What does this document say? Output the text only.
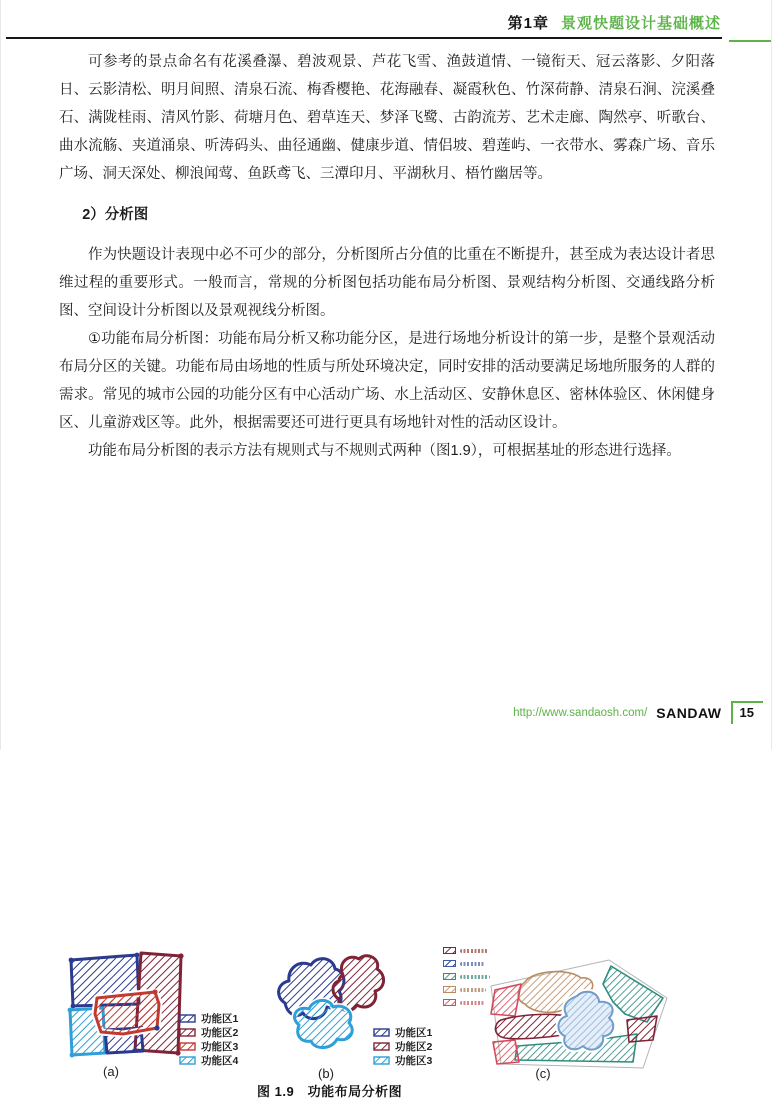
第1章 景观快题设计基础概述

可参考的景点命名有花溪叠瀑、碧波观景、芦花飞雪、渔鼓道情、一镜衔天、冠云落影、夕阳落日、云影清松、明月间照、清泉石流、梅香樱艳、花海融春、凝霞秋色、竹深荷静、清泉石涧、浣溪叠石、满陇桂雨、清风竹影、荷塘月色、碧草连天、梦泽飞鹭、古韵流芳、艺术走廊、陶然亭、听歌台、曲水流觞、夹道涌泉、听涛码头、曲径通幽、健康步道、情侣坡、碧莲屿、一衣带水、雾森广场、音乐广场、洞天深处、柳浪闻莺、鱼跃鸢飞、三潭印月、平湖秋月、梧竹幽居等。

2）分析图

作为快题设计表现中必不可少的部分，分析图所占分值的比重在不断提升，甚至成为表达设计者思维过程的重要形式。一般而言，常规的分析图包括功能布局分析图、景观结构分析图、交通线路分析图、空间设计分析图以及景观视线分析图。

①功能布局分析图：功能布局分析又称功能分区，是进行场地分析设计的第一步，是整个景观活动布局分区的关键。功能布局由场地的性质与所处环境决定，同时安排的活动要满足场地所服务的人群的需求。常见的城市公园的功能分区有中心活动广场、水上活动区、安静休息区、密林体验区、休闲健身区、儿童游戏区等。此外，根据需要还可进行更具有场地针对性的活动区设计。

功能布局分析图的表示方法有规则式与不规则式两种（图1.9），可根据基址的形态进行选择。

功能区1
功能区2
功能区3
功能区4
功能区1
功能区2
功能区3
(a)	(b)	(c)
图 1.9　功能布局分析图
http://www.sandaosh.com/ SANDAW	15
